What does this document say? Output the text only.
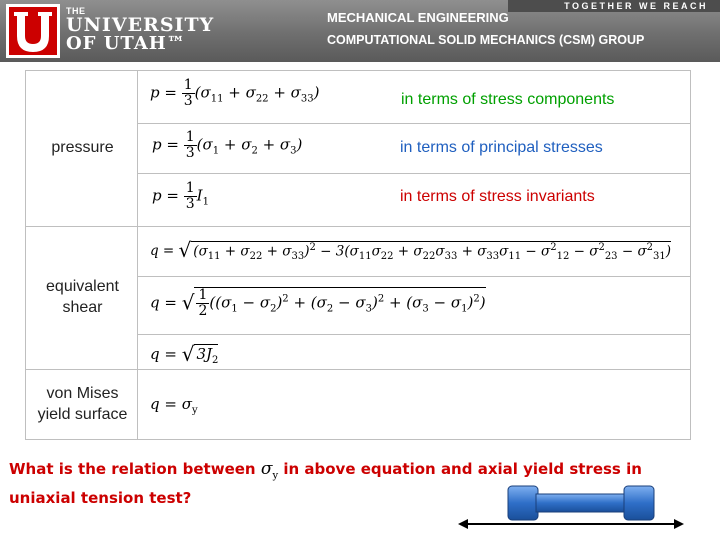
THE
UNIVERSITY
OF UTAH™
TOGETHER WE REACH
MECHANICAL ENGINEERING
COMPUTATIONAL SOLID MECHANICS (CSM) GROUP
pressure
equivalent
shear
von Mises
yield surface
$p = \frac{1}{3} (\sigma_{11} + \sigma_{22} + \sigma_{33})$
$p = \frac{1}{3} (\sigma_1 + \sigma_2 + \sigma_3)$
$p = \frac{1}{3} I_1$
in terms of stress components
in terms of principal stresses
in terms of stress invariants
q = √ $(\sigma_{11} + \sigma_{22} + \sigma_{33})^2 - 3(\sigma_{11}\sigma_{22} + \sigma_{22}\sigma_{33} + \sigma_{33}\sigma_{11} - \sigma^2_{12} - \sigma^2_{23} - \sigma^2_{31})$
q = √ $\frac{1}{2} ((\sigma_1 - \sigma_2)^2 + (\sigma_2 - \sigma_3)^2 + (\sigma_3 - \sigma_1)^2)$
q = √ $3J_2$
$q = \sigma_y$
What is the relation between $\sigma_y$ in above equation and axial yield stress in
uniaxial tension test?
